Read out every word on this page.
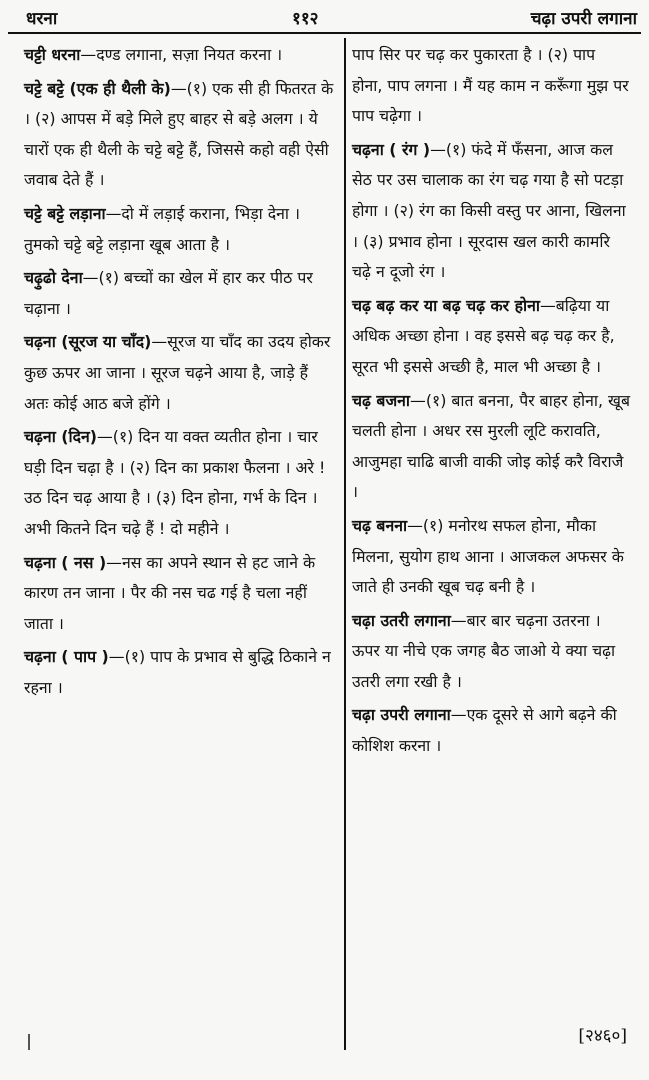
धरना	११२	चढ़ा उपरी लगाना
चट्टी धरना—दण्ड लगाना, सज़ा नियत करना ।
चट्टे बट्टे (एक ही थैली के)—(१) एक सी ही फितरत के । (२) आपस में बड़े मिले हुए बाहर से बड़े अलग । ये चारों एक ही थैली के चट्टे बट्टे हैं, जिससे कहो वही ऐसी जवाब देते हैं ।
चट्टे बट्टे लड़ाना—दो में लड़ाई कराना, भिड़ा देना । तुमको चट्टे बट्टे लड़ाना खूब आता है ।
चढ़ुढो देना—(१) बच्चों का खेल में हार कर पीठ पर चढ़ाना ।
चढ़ना (सूरज या चाँद)—सूरज या चाँद का उदय होकर कुछ ऊपर आ जाना । सूरज चढ़ने आया है, जाड़े हैं अतः कोई आठ बजे होंगे ।
चढ़ना (दिन)—(१) दिन या वक्त व्यतीत होना । चार घड़ी दिन चढ़ा है । (२) दिन का प्रकाश फैलना । अरे ! उठ दिन चढ़ आया है । (३) दिन होना, गर्भ के दिन । अभी कितने दिन चढ़े हैं ! दो महीने ।
चढ़ना ( नस )—नस का अपने स्थान से हट जाने के कारण तन जाना । पैर की नस चढ गई है चला नहीं जाता ।
चढ़ना ( पाप )—(१) पाप के प्रभाव से बुद्धि ठिकाने न रहना ।
पाप सिर पर चढ़ कर पुकारता है । (२) पाप होना, पाप लगना । मैं यह काम न करूँगा मुझ पर पाप चढ़ेगा ।
चढ़ना ( रंग )—(१) फंदे में फँसना, आज कल सेठ पर उस चालाक का रंग चढ़ गया है सो पटड़ा होगा । (२) रंग का किसी वस्तु पर आना, खिलना । (३) प्रभाव होना । सूरदास खल कारी कामरि चढ़े न दूजो रंग ।
चढ़ बढ़ कर या बढ़ चढ़ कर होना—बढ़िया या अधिक अच्छा होना । वह इससे बढ़ चढ़ कर है, सूरत भी इससे अच्छी है, माल भी अच्छा है ।
चढ़ बजना—(१) बात बनना, पैर बाहर होना, खूब चलती होना । अधर रस मुरली लूटि करावति, आजुमहा चाढि बाजी वाकी जोइ कोई करै विराजै ।
चढ़ बनना—(१) मनोरथ सफल होना, मौका मिलना, सुयोग हाथ आना । आजकल अफसर के जाते ही उनकी खूब चढ़ बनी है ।
चढ़ा उतरी लगाना—बार बार चढ़ना उतरना । ऊपर या नीचे एक जगह बैठ जाओ ये क्या चढ़ा उतरी लगा रखी है ।
चढ़ा उपरी लगाना—एक दूसरे से आगे बढ़ने की कोशिश करना ।
[२४६०]
